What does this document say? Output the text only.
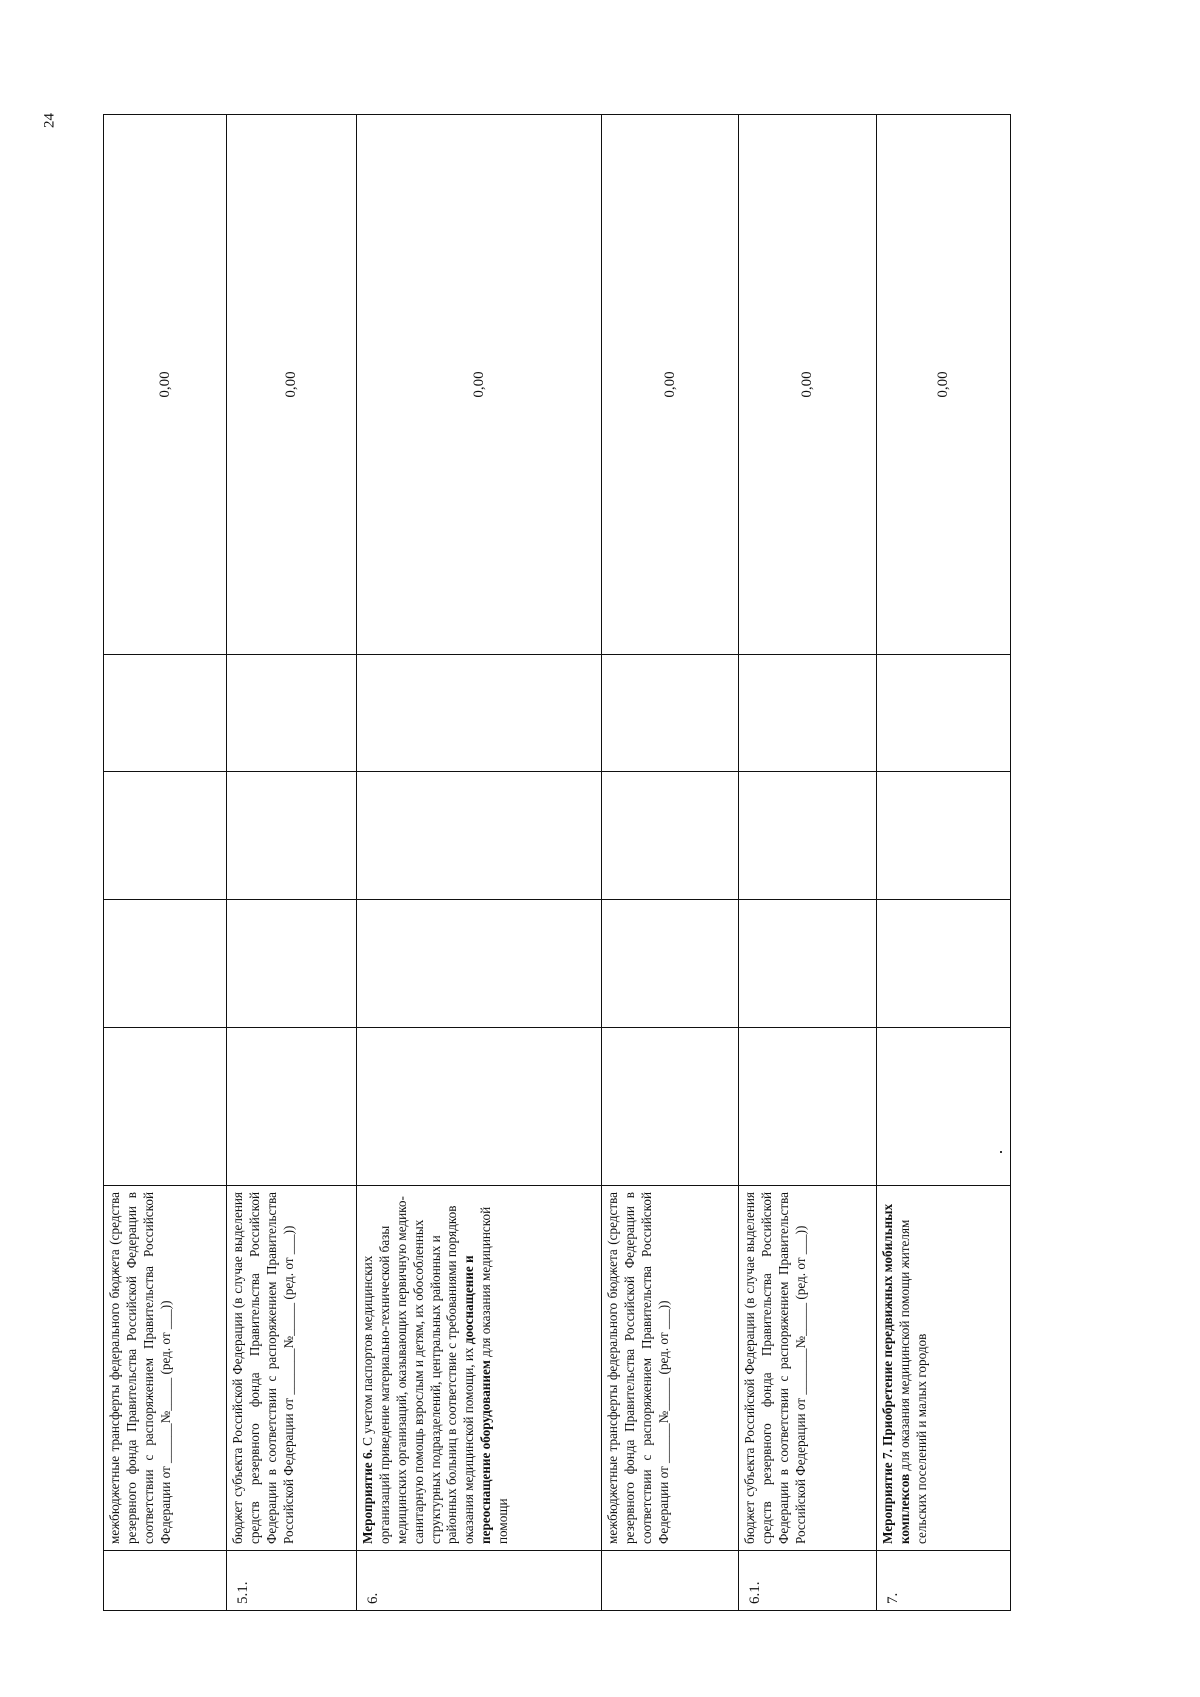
24
	межбюджетные трансферты федерального бюджета (средства резервного фонда Правительства Российской Федерации в соответствии с распоряжением Правительства Российской Федерации от ______№_____ (ред. от ___))					0,00
5.1.	бюджет субъекта Российской Федерации (в случае выделения средств резервного фонда Правительства Российской Федерации в соответствии с распоряжением Правительства Российской Федерации от _______№_____ (ред. от ___))					0,00
6.	Мероприятие 6. С учетом паспортов медицинских организаций приведение материально-технической базы медицинских организаций, оказывающих первичную медико-санитарную помощь взрослым и детям, их обособленных структурных подразделений, центральных районных и районных больниц в соответствие с требованиями порядков оказания медицинской помощи, их дооснащение и переоснащение оборудованием для оказания медицинской помощи					0,00
	межбюджетные трансферты федерального бюджета (средства резервного фонда Правительства Российской Федерации в соответствии с распоряжением Правительства Российской Федерации от ______№_____ (ред. от ___))					0,00
6.1.	бюджет субъекта Российской Федерации (в случае выделения средств резервного фонда Правительства Российской Федерации в соответствии с распоряжением Правительства Российской Федерации от _______№_____ (ред. от ___))					0,00
7.	Мероприятие 7. Приобретение передвижных мобильных комплексов для оказания медицинской помощи жителям сельских поселений и малых городов					0,00
